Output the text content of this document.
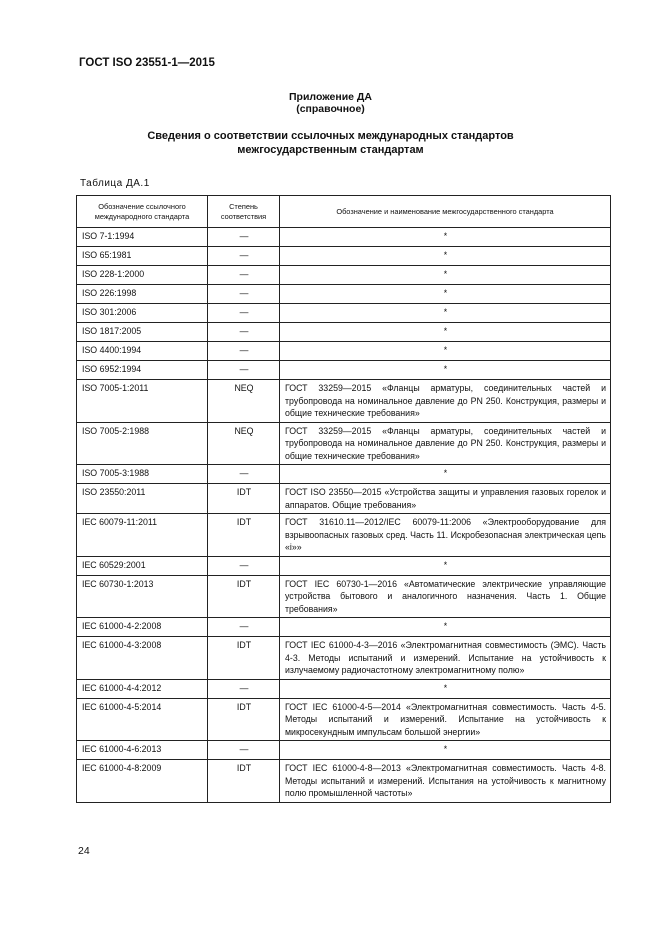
ГОСТ ISO 23551-1—2015
Приложение ДА
(справочное)
Сведения о соответствии ссылочных международных стандартов
межгосударственным стандартам
Таблица ДА.1
Обозначение ссылочного международного стандарта	Степень соответствия	Обозначение и наименование межгосударственного стандарта
ISO 7-1:1994	—	*
ISO 65:1981	—	*
ISO 228-1:2000	—	*
ISO 226:1998	—	*
ISO 301:2006	—	*
ISO 1817:2005	—	*
ISO 4400:1994	—	*
ISO 6952:1994	—	*
ISO 7005-1:2011	NEQ	ГОСТ 33259—2015 «Фланцы арматуры, соединительных частей и трубопровода на номинальное давление до PN 250. Конструкция, размеры и общие технические требования»
ISO 7005-2:1988	NEQ	ГОСТ 33259—2015 «Фланцы арматуры, соединительных частей и трубопровода на номинальное давление до PN 250. Конструкция, размеры и общие технические требования»
ISO 7005-3:1988	—	*
ISO 23550:2011	IDT	ГОСТ ISO 23550—2015 «Устройства защиты и управления газовых горелок и аппаратов. Общие требования»
IEC 60079-11:2011	IDT	ГОСТ 31610.11—2012/IEC 60079-11:2006 «Электрооборудование для взрывоопасных газовых сред. Часть 11. Искробезопасная электрическая цепь «i»»
IEC 60529:2001	—	*
IEC 60730-1:2013	IDT	ГОСТ IEC 60730-1—2016 «Автоматические электрические управляющие устройства бытового и аналогичного назначения. Часть 1. Общие требования»
IEC 61000-4-2:2008	—	*
IEC 61000-4-3:2008	IDT	ГОСТ IEC 61000-4-3—2016 «Электромагнитная совместимость (ЭМС). Часть 4-3. Методы испытаний и измерений. Испытание на устойчивость к излучаемому радиочастотному электромагнитному полю»
IEC 61000-4-4:2012	—	*
IEC 61000-4-5:2014	IDT	ГОСТ IEC 61000-4-5—2014 «Электромагнитная совместимость. Часть 4-5. Методы испытаний и измерений. Испытание на устойчивость к микросекундным импульсам большой энергии»
IEC 61000-4-6:2013	—	*
IEC 61000-4-8:2009	IDT	ГОСТ IEC 61000-4-8—2013 «Электромагнитная совместимость. Часть 4-8. Методы испытаний и измерений. Испытания на устойчивость к магнитному полю промышленной частоты»
24
